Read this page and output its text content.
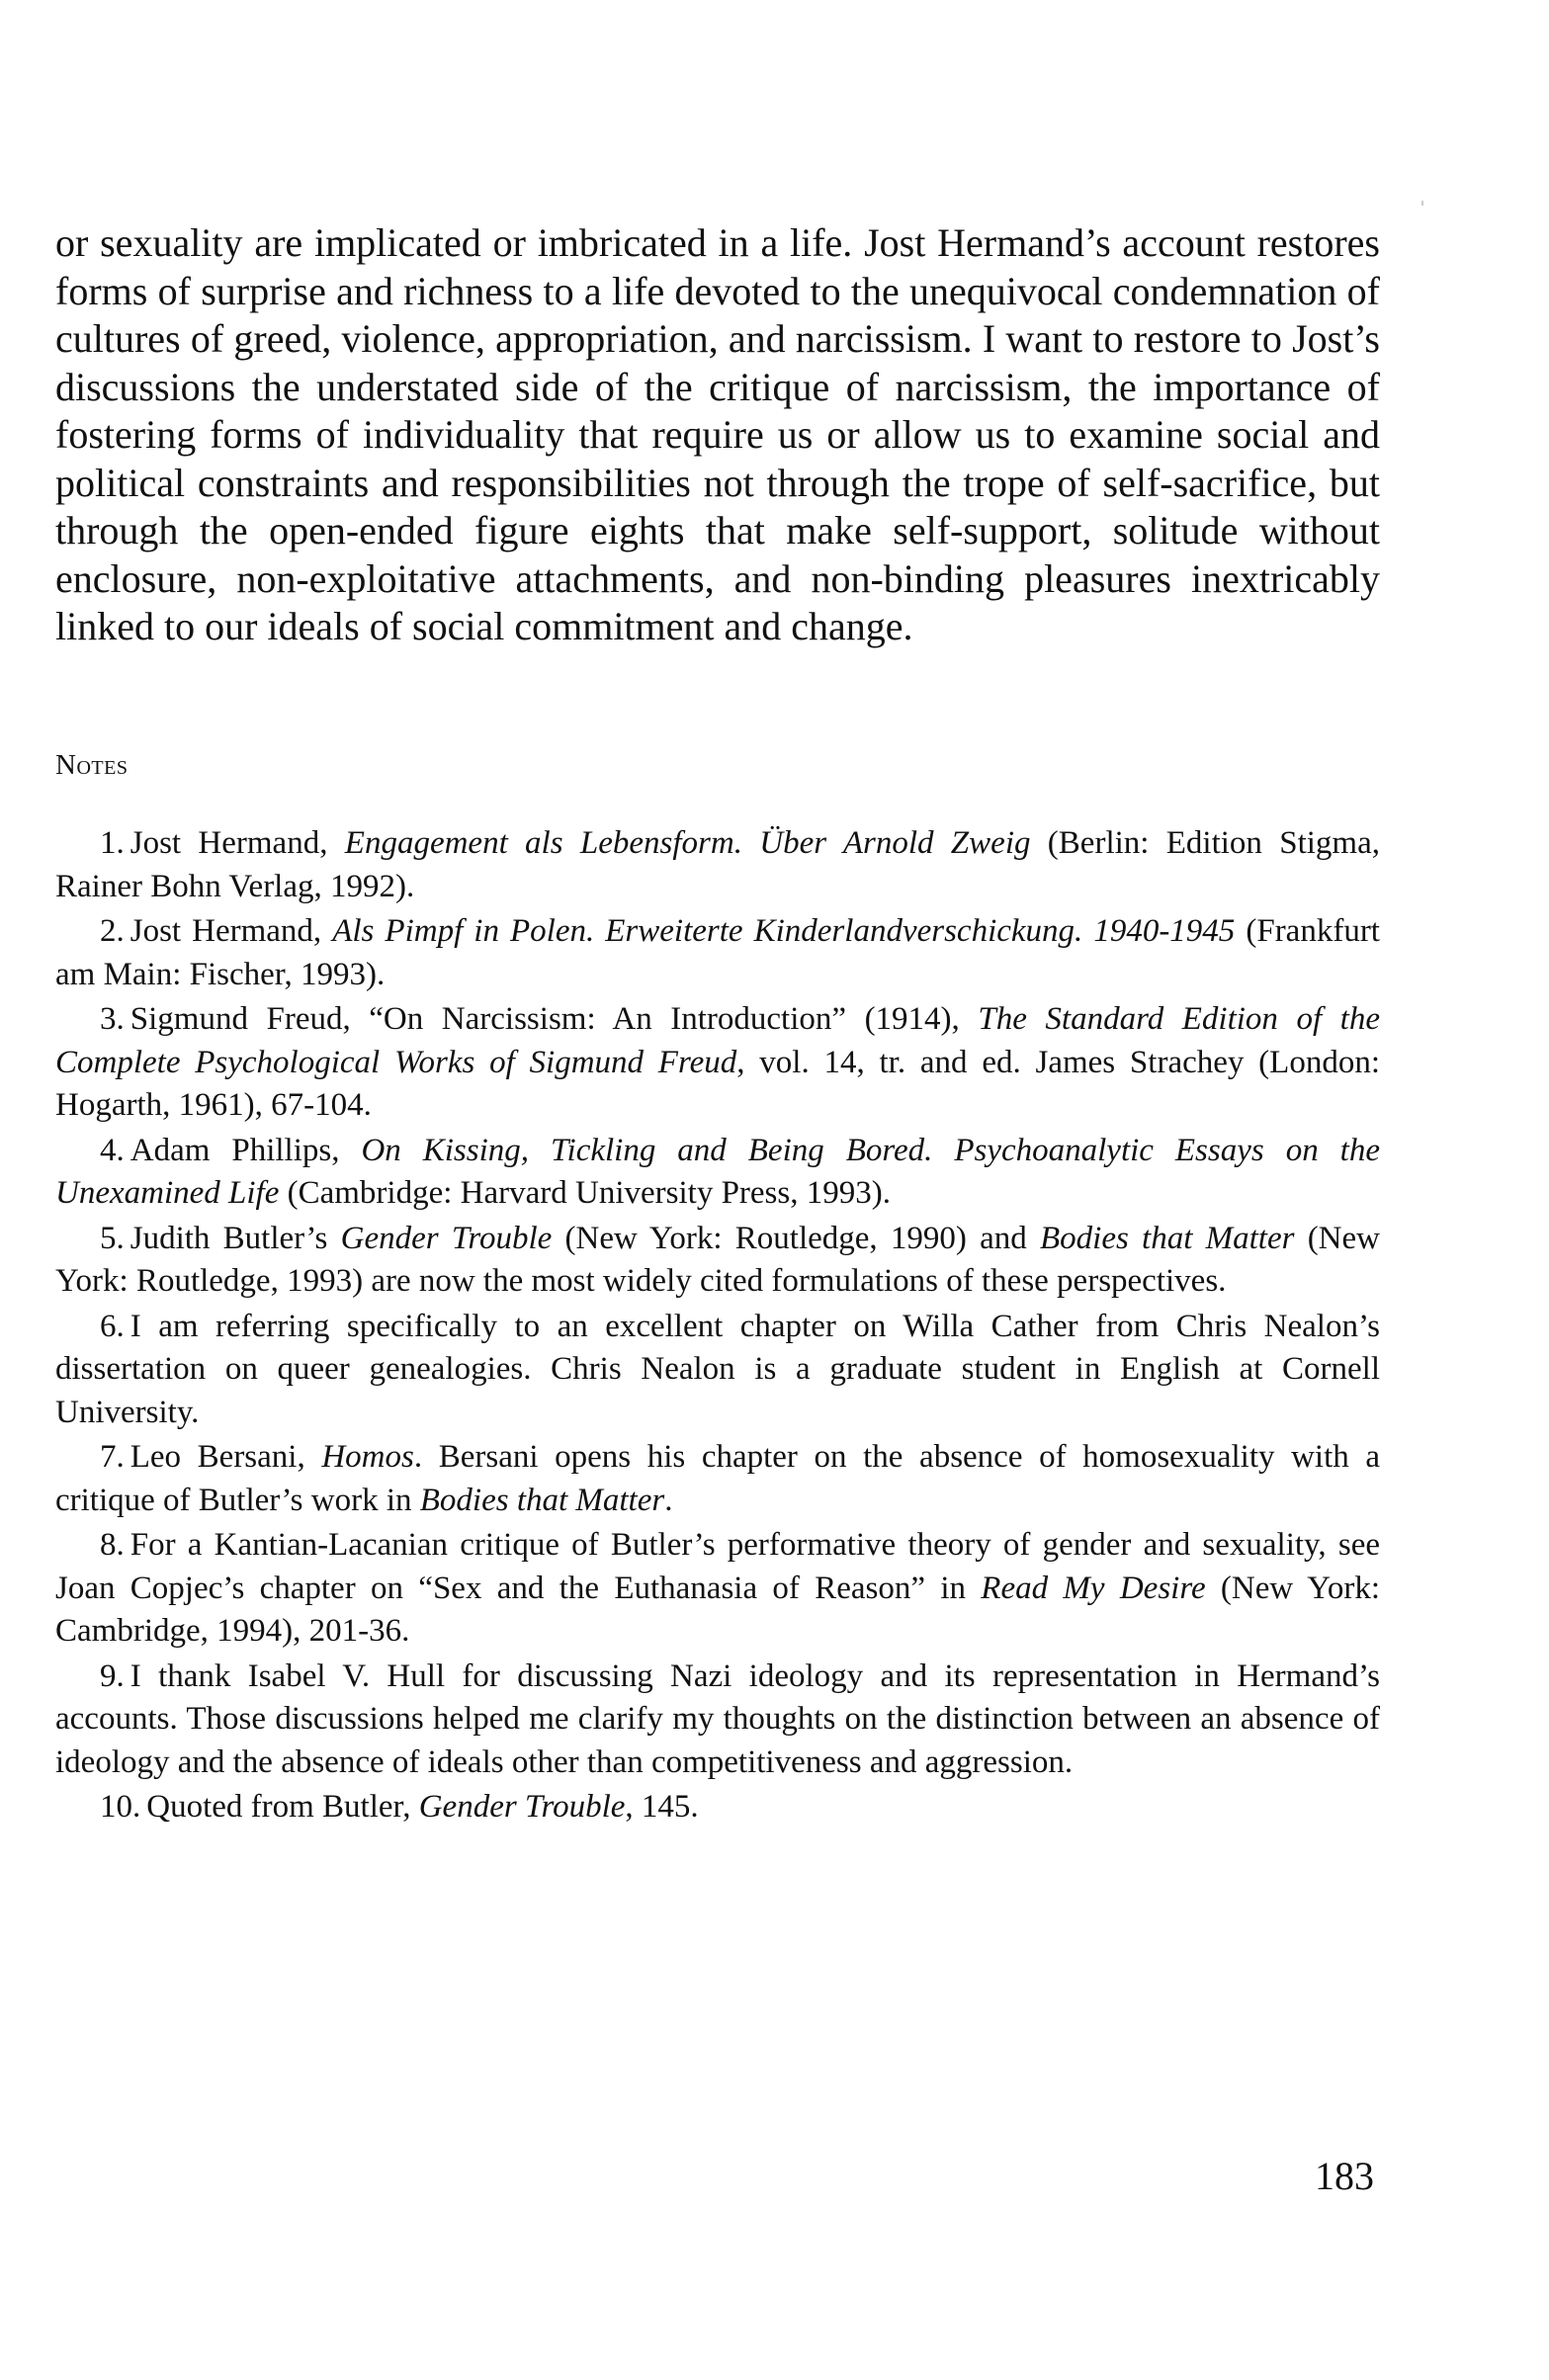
or sexuality are implicated or imbricated in a life. Jost Hermand’s account restores forms of surprise and richness to a life devoted to the unequivocal condemnation of cultures of greed, violence, appropriation, and narcissism. I want to restore to Jost’s discussions the understated side of the critique of narcissism, the importance of fostering forms of individuality that require us or allow us to examine social and political constraints and responsibilities not through the trope of self-sacrifice, but through the open-ended figure eights that make self-support, solitude without enclosure, non-exploitative attachments, and non-binding pleasures inextricably linked to our ideals of social commitment and change.

Notes
1. Jost Hermand, Engagement als Lebensform. Über Arnold Zweig (Berlin: Edition Stigma, Rainer Bohn Verlag, 1992).
2. Jost Hermand, Als Pimpf in Polen. Erweiterte Kinderlandverschickung. 1940-1945 (Frankfurt am Main: Fischer, 1993).
3. Sigmund Freud, “On Narcissism: An Introduction” (1914), The Standard Edition of the Complete Psychological Works of Sigmund Freud, vol. 14, tr. and ed. James Strachey (London: Hogarth, 1961), 67-104.
4. Adam Phillips, On Kissing, Tickling and Being Bored. Psychoanalytic Essays on the Unexamined Life (Cambridge: Harvard University Press, 1993).
5. Judith Butler’s Gender Trouble (New York: Routledge, 1990) and Bodies that Matter (New York: Routledge, 1993) are now the most widely cited formulations of these perspectives.
6. I am referring specifically to an excellent chapter on Willa Cather from Chris Nealon’s dissertation on queer genealogies. Chris Nealon is a graduate student in English at Cornell University.
7. Leo Bersani, Homos. Bersani opens his chapter on the absence of homosexuality with a critique of Butler’s work in Bodies that Matter.
8. For a Kantian-Lacanian critique of Butler’s performative theory of gender and sexuality, see Joan Copjec’s chapter on “Sex and the Euthanasia of Reason” in Read My Desire (New York: Cambridge, 1994), 201-36.
9. I thank Isabel V. Hull for discussing Nazi ideology and its representation in Hermand’s accounts. Those discussions helped me clarify my thoughts on the distinction between an absence of ideology and the absence of ideals other than competitiveness and aggression.
10. Quoted from Butler, Gender Trouble, 145.

183
